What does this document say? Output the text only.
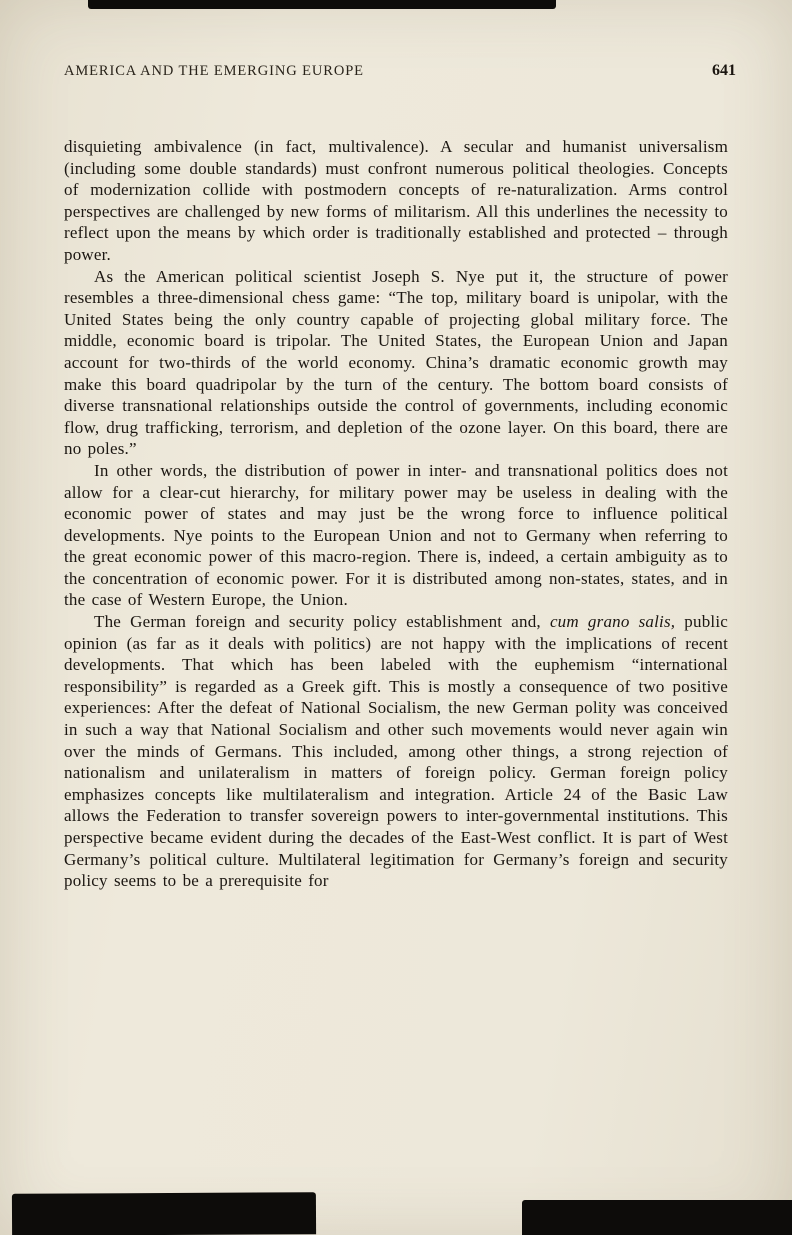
AMERICA AND THE EMERGING EUROPE	641

disquieting ambivalence (in fact, multivalence). A secular and humanist universalism (including some double standards) must confront numerous political theologies. Concepts of modernization collide with postmodern concepts of re-naturalization. Arms control perspectives are challenged by new forms of militarism. All this underlines the necessity to reflect upon the means by which order is traditionally established and protected – through power.

As the American political scientist Joseph S. Nye put it, the structure of power resembles a three-dimensional chess game: “The top, military board is unipolar, with the United States being the only country capable of projecting global military force. The middle, economic board is tripolar. The United States, the European Union and Japan account for two-thirds of the world economy. China’s dramatic economic growth may make this board quadripolar by the turn of the century. The bottom board consists of diverse transnational relationships outside the control of governments, including economic flow, drug trafficking, terrorism, and depletion of the ozone layer. On this board, there are no poles.”

In other words, the distribution of power in inter- and transnational politics does not allow for a clear-cut hierarchy, for military power may be useless in dealing with the economic power of states and may just be the wrong force to influence political developments. Nye points to the European Union and not to Germany when referring to the great economic power of this macro-region. There is, indeed, a certain ambiguity as to the concentration of economic power. For it is distributed among non-states, states, and in the case of Western Europe, the Union.

The German foreign and security policy establishment and, cum grano salis, public opinion (as far as it deals with politics) are not happy with the implications of recent developments. That which has been labeled with the euphemism “international responsibility” is regarded as a Greek gift. This is mostly a consequence of two positive experiences: After the defeat of National Socialism, the new German polity was conceived in such a way that National Socialism and other such movements would never again win over the minds of Germans. This included, among other things, a strong rejection of nationalism and unilateralism in matters of foreign policy. German foreign policy emphasizes concepts like multilateralism and integration. Article 24 of the Basic Law allows the Federation to transfer sovereign powers to inter-governmental institutions. This perspective became evident during the decades of the East-West conflict. It is part of West Germany’s political culture. Multilateral legitimation for Germany’s foreign and security policy seems to be a prerequisite for
